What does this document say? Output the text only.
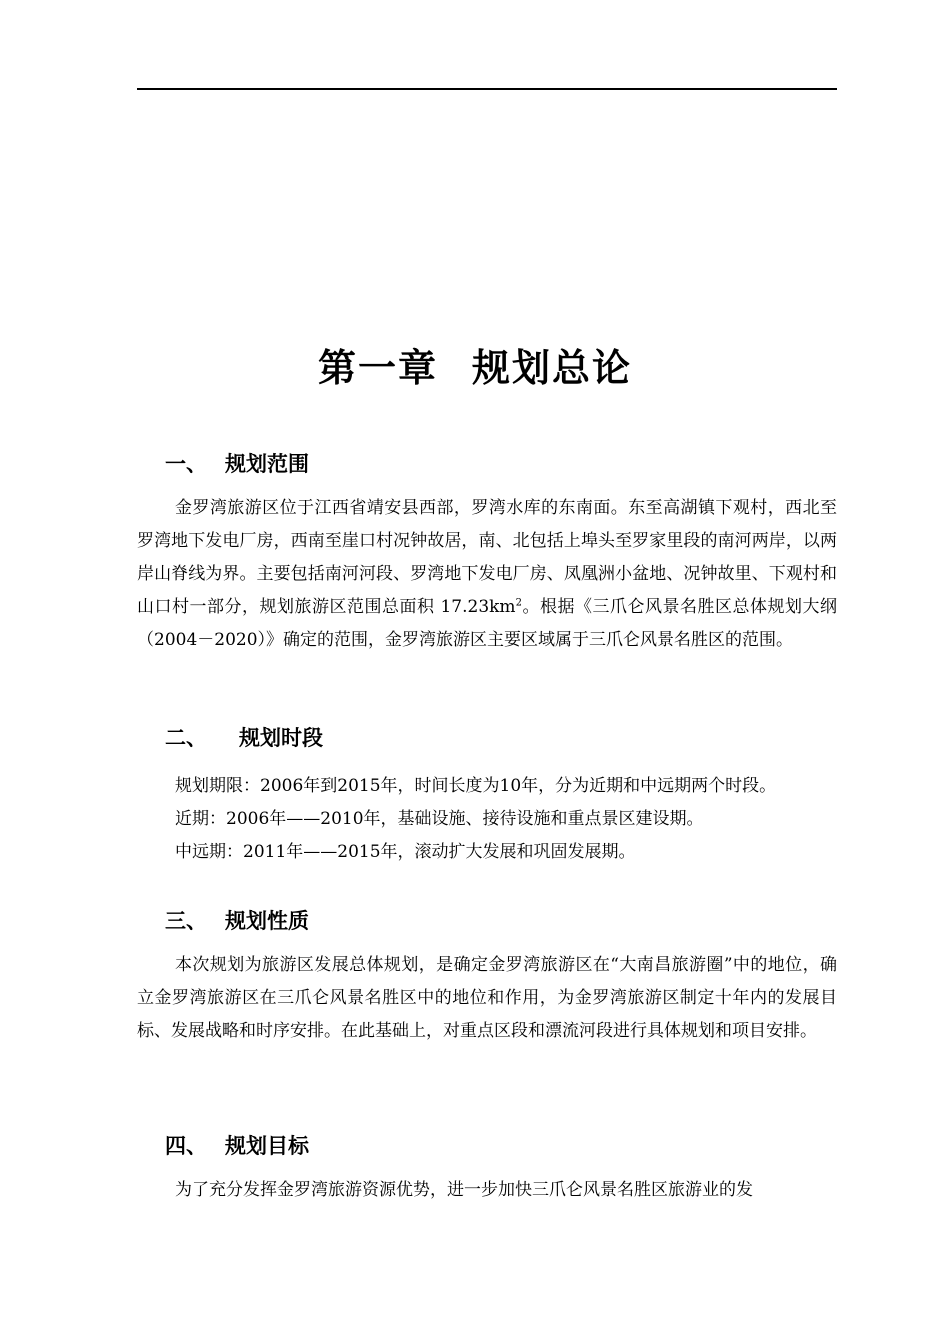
第一章 规划总论
一、 规划范围
金罗湾旅游区位于江西省靖安县西部，罗湾水库的东南面。东至高湖镇下观村，西北至罗湾地下发电厂房，西南至崖口村况钟故居，南、北包括上埠头至罗家里段的南河两岸，以两岸山脊线为界。主要包括南河河段、罗湾地下发电厂房、凤凰洲小盆地、况钟故里、下观村和山口村一部分，规划旅游区范围总面积 $17.23km^2$。根据《三爪仑风景名胜区总体规划大纲（2004－2020）》确定的范围，金罗湾旅游区主要区域属于三爪仑风景名胜区的范围。
二、 规划时段
规划期限：2006年到2015年，时间长度为10年，分为近期和中远期两个时段。
近期：2006年——2010年，基础设施、接待设施和重点景区建设期。
中远期：2011年——2015年，滚动扩大发展和巩固发展期。
三、 规划性质
本次规划为旅游区发展总体规划，是确定金罗湾旅游区在“大南昌旅游圈”中的地位，确立金罗湾旅游区在三爪仑风景名胜区中的地位和作用，为金罗湾旅游区制定十年内的发展目标、发展战略和时序安排。在此基础上，对重点区段和漂流河段进行具体规划和项目安排。
四、 规划目标
为了充分发挥金罗湾旅游资源优势，进一步加快三爪仑风景名胜区旅游业的发
